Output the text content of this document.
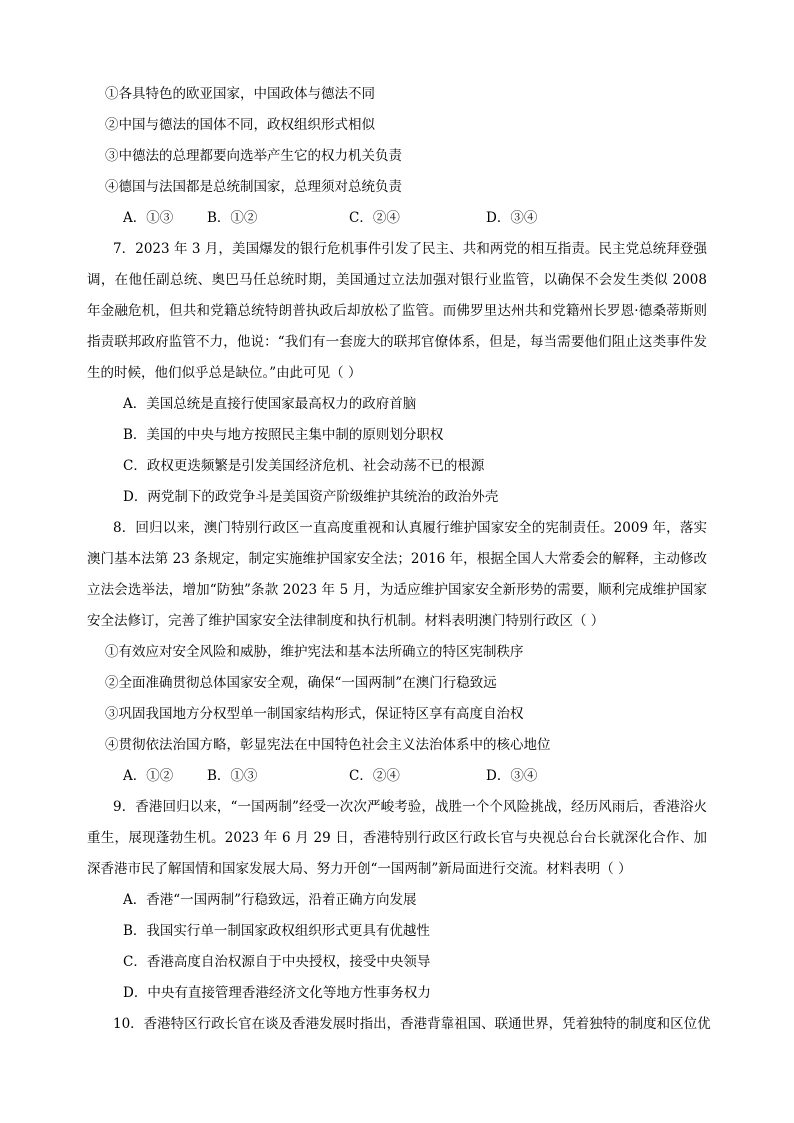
①各具特色的欧亚国家，中国政体与德法不同
②中国与德法的国体不同，政权组织形式相似
③中德法的总理都要向选举产生它的权力机关负责
④德国与法国都是总统制国家，总理须对总统负责
A．①③	B．①②	C．②④	D．③④
7．2023 年 3 月，美国爆发的银行危机事件引发了民主、共和两党的相互指责。民主党总统拜登强调，在他任副总统、奥巴马任总统时期，美国通过立法加强对银行业监管，以确保不会发生类似 2008 年金融危机，但共和党籍总统特朗普执政后却放松了监管。而佛罗里达州共和党籍州长罗恩·德桑蒂斯则指责联邦政府监管不力，他说：“我们有一套庞大的联邦官僚体系，但是，每当需要他们阻止这类事件发生的时候，他们似乎总是缺位。”由此可见（ ）
A．美国总统是直接行使国家最高权力的政府首脑
B．美国的中央与地方按照民主集中制的原则划分职权
C．政权更迭频繁是引发美国经济危机、社会动荡不已的根源
D．两党制下的政党争斗是美国资产阶级维护其统治的政治外壳
8．回归以来，澳门特别行政区一直高度重视和认真履行维护国家安全的宪制责任。2009 年，落实澳门基本法第 23 条规定，制定实施维护国家安全法；2016 年，根据全国人大常委会的解释，主动修改立法会选举法，增加“防独”条款 2023 年 5 月，为适应维护国家安全新形势的需要，顺利完成维护国家安全法修订，完善了维护国家安全法律制度和执行机制。材料表明澳门特别行政区（ ）
①有效应对安全风险和威胁，维护宪法和基本法所确立的特区宪制秩序
②全面准确贯彻总体国家安全观，确保“一国两制”在澳门行稳致远
③巩固我国地方分权型单一制国家结构形式，保证特区享有高度自治权
④贯彻依法治国方略，彰显宪法在中国特色社会主义法治体系中的核心地位
A．①②	B．①③	C．②④	D．③④
9．香港回归以来，“一国两制”经受一次次严峻考验，战胜一个个风险挑战，经历风雨后，香港浴火重生，展现蓬勃生机。2023 年 6 月 29 日，香港特别行政区行政长官与央视总台台长就深化合作、加深香港市民了解国情和国家发展大局、努力开创“一国两制”新局面进行交流。材料表明（ ）
A．香港“一国两制”行稳致远，沿着正确方向发展
B．我国实行单一制国家政权组织形式更具有优越性
C．香港高度自治权源自于中央授权，接受中央领导
D．中央有直接管理香港经济文化等地方性事务权力
10．香港特区行政长官在谈及香港发展时指出，香港背靠祖国、联通世界，凭着独特的制度和区位优
